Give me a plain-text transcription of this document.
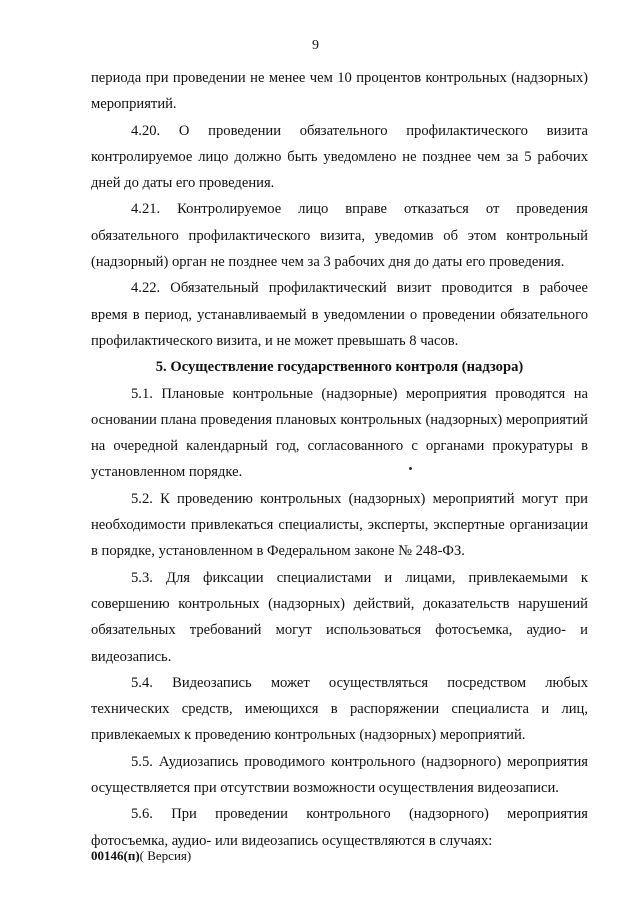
9

периода при проведении не менее чем 10 процентов контрольных (надзорных) мероприятий.

4.20. О проведении обязательного профилактического визита контролируемое лицо должно быть уведомлено не позднее чем за 5 рабочих дней до даты его проведения.

4.21. Контролируемое лицо вправе отказаться от проведения обязательного профилактического визита, уведомив об этом контрольный (надзорный) орган не позднее чем за 3 рабочих дня до даты его проведения.

4.22. Обязательный профилактический визит проводится в рабочее время в период, устанавливаемый в уведомлении о проведении обязательного профилактического визита, и не может превышать 8 часов.

5. Осуществление государственного контроля (надзора)

5.1. Плановые контрольные (надзорные) мероприятия проводятся на основании плана проведения плановых контрольных (надзорных) мероприятий на очередной календарный год, согласованного с органами прокуратуры в установленном порядке.

5.2. К проведению контрольных (надзорных) мероприятий могут при необходимости привлекаться специалисты, эксперты, экспертные организации в порядке, установленном в Федеральном законе № 248-ФЗ.

5.3. Для фиксации специалистами и лицами, привлекаемыми к совершению контрольных (надзорных) действий, доказательств нарушений обязательных требований могут использоваться фотосъемка, аудио- и видеозапись.

5.4. Видеозапись может осуществляться посредством любых технических средств, имеющихся в распоряжении специалиста и лиц, привлекаемых к проведению контрольных (надзорных) мероприятий.

5.5. Аудиозапись проводимого контрольного (надзорного) мероприятия осуществляется при отсутствии возможности осуществления видеозаписи.

5.6. При проведении контрольного (надзорного) мероприятия фотосъемка, аудио- или видеозапись осуществляются в случаях:

00146(п)( Версия)
